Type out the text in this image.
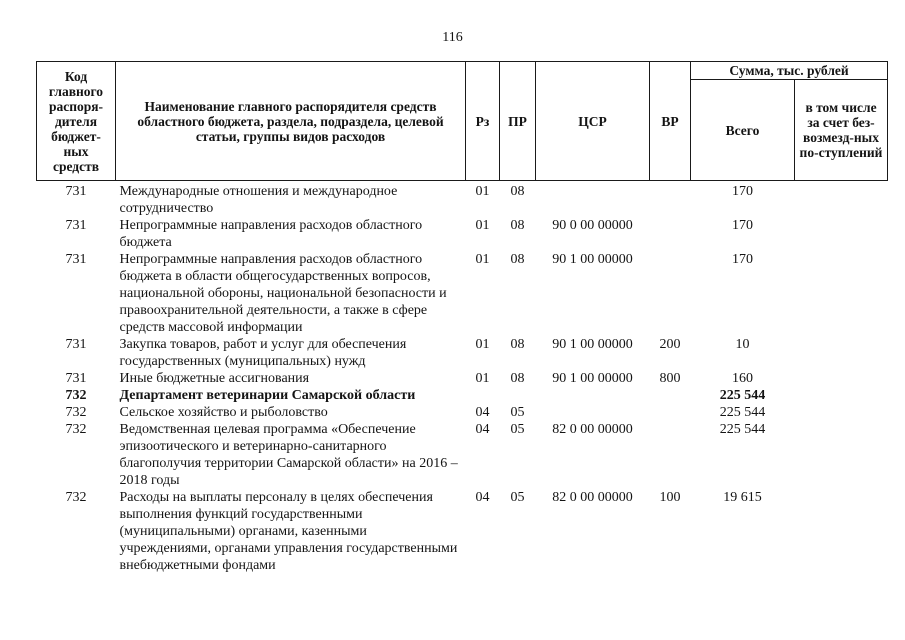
116
Код главного распоря-дителя бюджет-ных средств	Наименование главного распорядителя средств областного бюджета, раздела, подраздела, целевой статьи, группы видов расходов	Рз	ПР	ЦСР	ВР	Сумма, тыс. рублей	
						Всего	в том числе за счет без-возмезд-ных по-ступлений
731	Международные отношения и международное сотрудничество	01	08			170	
731	Непрограммные направления расходов областного бюджета	01	08	90 0 00 00000		170	
731	Непрограммные направления расходов областного бюджета в области общегосударственных вопросов, национальной обороны, национальной безопасности и правоохранительной деятельности, а также в сфере средств массовой информации	01	08	90 1 00 00000		170	
731	Закупка товаров, работ и услуг для обеспечения государственных (муниципальных) нужд	01	08	90 1 00 00000	200	10	
731	Иные бюджетные ассигнования	01	08	90 1 00 00000	800	160	
732	Департамент ветеринарии Самарской области					225 544	
732	Сельское хозяйство и рыболовство	04	05			225 544	
732	Ведомственная целевая программа «Обеспечение эпизоотического и ветеринарно-санитарного благополучия территории Самарской области» на 2016 –2018 годы	04	05	82 0 00 00000		225 544	
732	Расходы на выплаты персоналу в целях обеспечения выполнения функций государственными (муниципальными) органами, казенными учреждениями, органами управления государственными внебюджетными фондами	04	05	82 0 00 00000	100	19 615	
